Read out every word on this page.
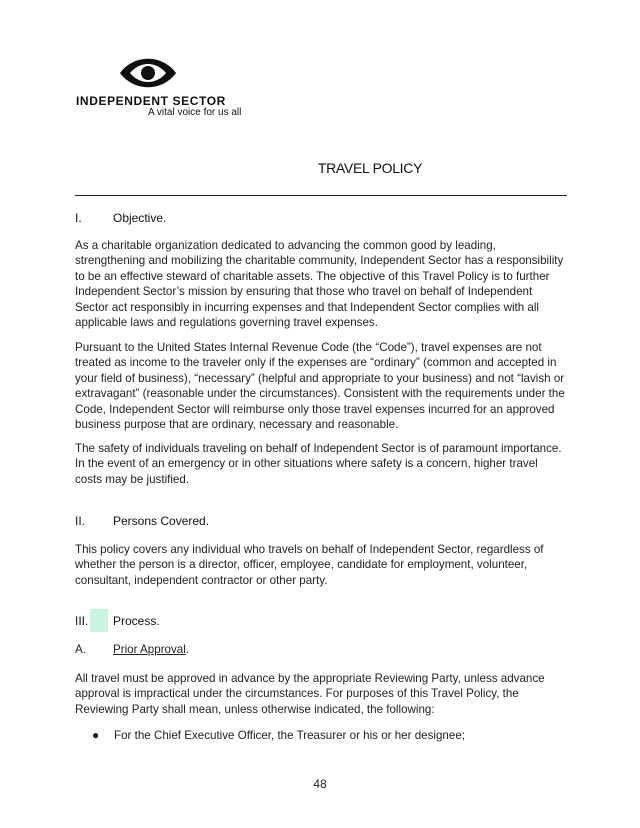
INDEPENDENT SECTOR
A vital voice for us all
TRAVEL POLICY
I.	Objective.

As a charitable organization dedicated to advancing the common good by leading, strengthening and mobilizing the charitable community, Independent Sector has a responsibility to be an effective steward of charitable assets. The objective of this Travel Policy is to further Independent Sector’s mission by ensuring that those who travel on behalf of Independent Sector act responsibly in incurring expenses and that Independent Sector complies with all applicable laws and regulations governing travel expenses.

Pursuant to the United States Internal Revenue Code (the “Code”), travel expenses are not treated as income to the traveler only if the expenses are “ordinary” (common and accepted in your field of business), “necessary” (helpful and appropriate to your business) and not “lavish or extravagant” (reasonable under the circumstances). Consistent with the requirements under the Code, Independent Sector will reimburse only those travel expenses incurred for an approved business purpose that are ordinary, necessary and reasonable.

The safety of individuals traveling on behalf of Independent Sector is of paramount importance. In the event of an emergency or in other situations where safety is a concern, higher travel costs may be justified.

II. Persons Covered.

This policy covers any individual who travels on behalf of Independent Sector, regardless of whether the person is a director, officer, employee, candidate for employment, volunteer, consultant, independent contractor or other party.

III. Process.
A. Prior Approval.

All travel must be approved in advance by the appropriate Reviewing Party, unless advance approval is impractical under the circumstances. For purposes of this Travel Policy, the Reviewing Party shall mean, unless otherwise indicated, the following:

● For the Chief Executive Officer, the Treasurer or his or her designee;
48
